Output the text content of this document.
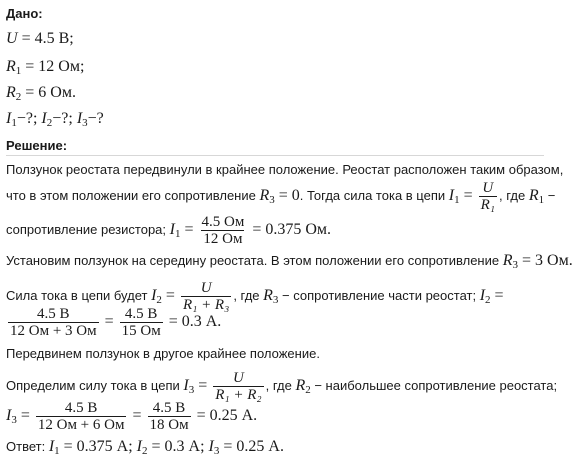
Дано:
U = 4.5 В;
$R_1 = 12$ Ом;
$R_2 = 6$ Ом.
$I_1-$?; $I_2-$?; $I_3-$?
Решение:
Ползунок реостата передвинули в крайнее положение. Реостат расположен таким образом,
что в этом положении его сопротивление $R_3 = 0$. Тогда сила тока в цепи $I_1 = \frac{U}{\text{R₁}}$ , где $R_1$ −
сопротивление резистора; $I_1 = \frac{4.5 Ом}{12 Ом} = 0.375$ Ом.
Установим ползунок на середину реостата. В этом положении его сопротивление $R_3 = 3$ Ом.
Сила тока в цепи будет $I_2 = \frac{U}{\text{R₁ + R₃}}$ , где $R_3$ − сопротивление части реостат; $I_2$ =
$\frac{4.5 В}{12 Ом + 3 Ом} = \frac{4.5 В}{15 Ом} = 0.3$ А.
Передвинем ползунок в другое крайнее положение.
Определим силу тока в цепи $I_3 = \frac{U}{\text{R₁ + R₂}}$ , где $R_2$ − наибольшее сопротивление реостата;
$I_3 = \frac{4.5 В}{12 Ом + 6 Ом} = \frac{4.5 В}{18 Ом} = 0.25$ А.
Ответ: $I_1 = 0.375$ А; $I_2 = 0.3$ А; $I_3 = 0.25$ А.
